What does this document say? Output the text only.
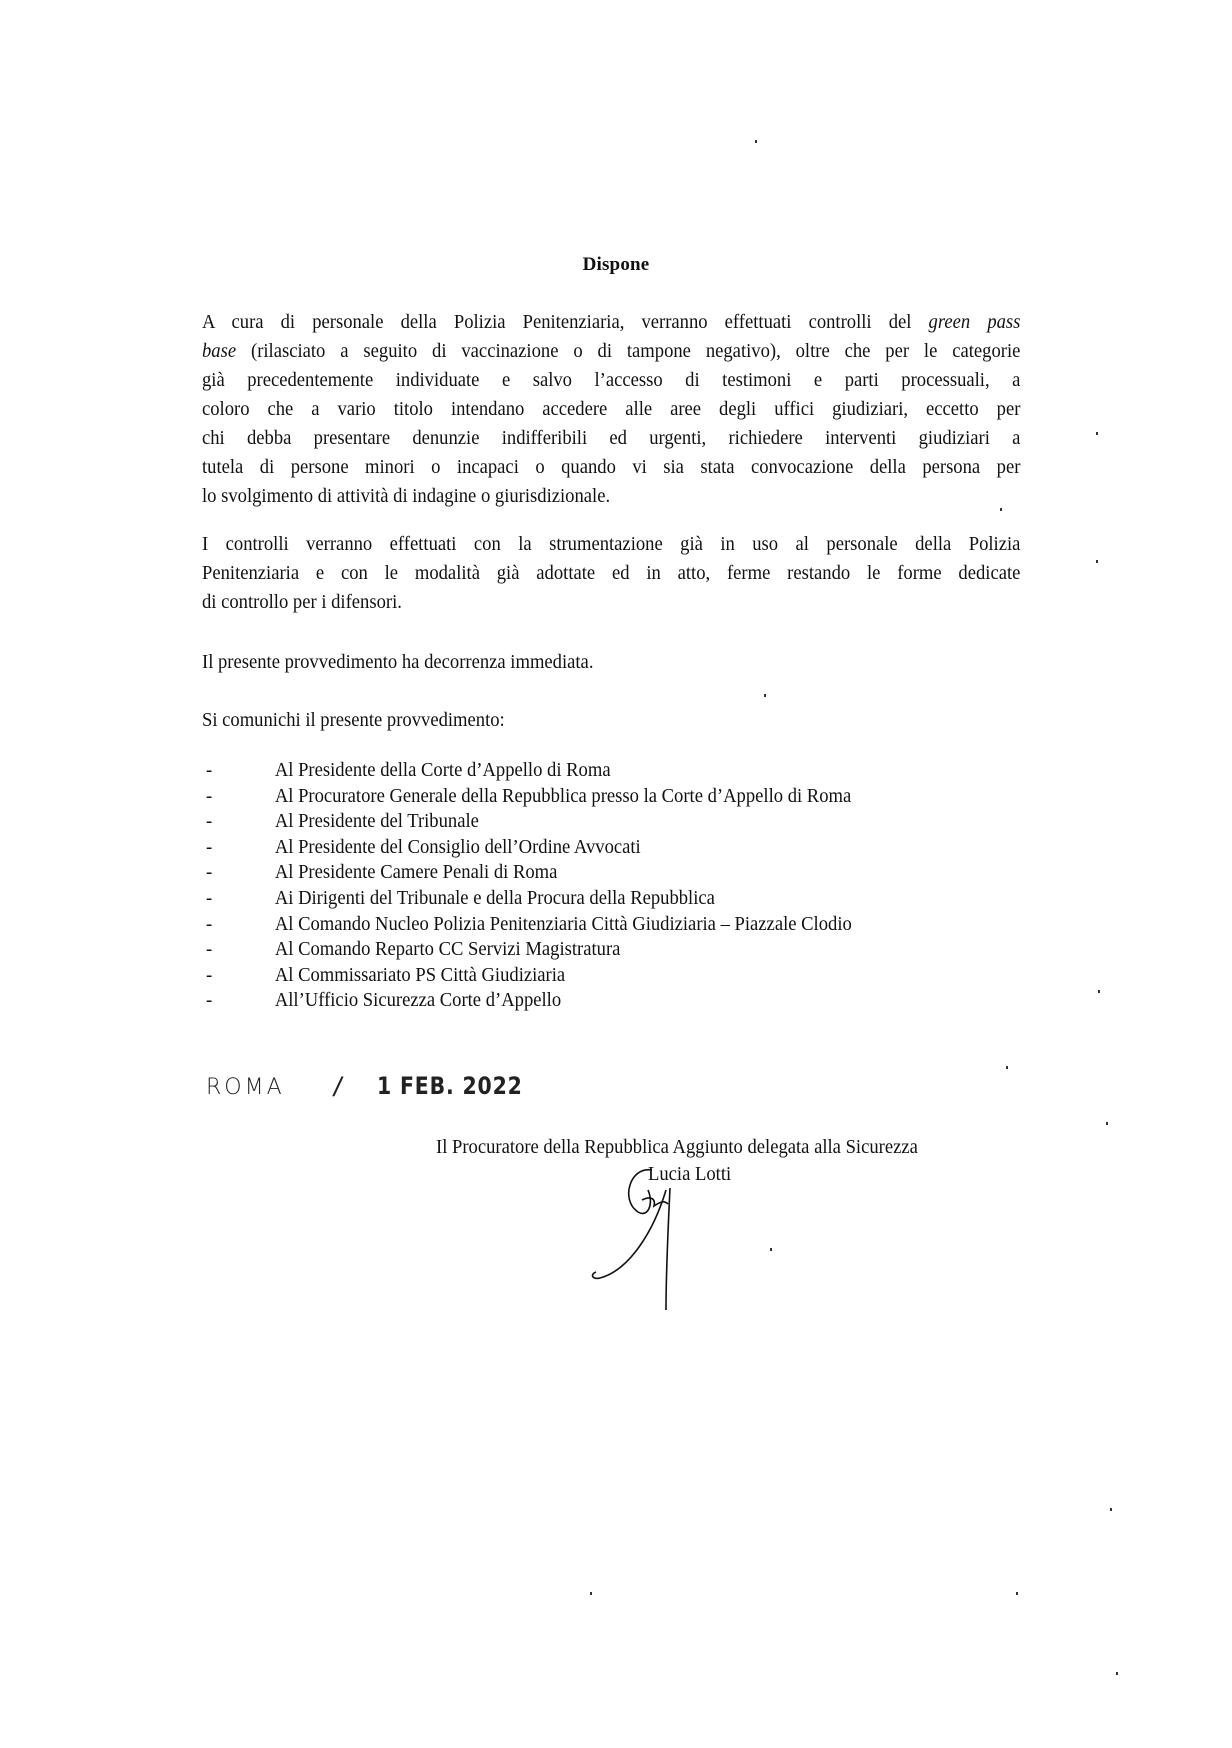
Dispone
A cura di personale della Polizia Penitenziaria, verranno effettuati controlli del green pass
base (rilasciato a seguito di vaccinazione o di tampone negativo), oltre che per le categorie
già precedentemente individuate e salvo l’accesso di testimoni e parti processuali, a
coloro che a vario titolo intendano accedere alle aree degli uffici giudiziari, eccetto per
chi debba presentare denunzie indifferibili ed urgenti, richiedere interventi giudiziari a
tutela di persone minori o incapaci o quando vi sia stata convocazione della persona per
lo svolgimento di attività di indagine o giurisdizionale.
I controlli verranno effettuati con la strumentazione già in uso al personale della Polizia
Penitenziaria e con le modalità già adottate ed in atto, ferme restando le forme dedicate
di controllo per i difensori.
Il presente provvedimento ha decorrenza immediata.
Si comunichi il presente provvedimento:
-	Al Presidente della Corte d’Appello di Roma
-	Al Procuratore Generale della Repubblica presso la Corte d’Appello di Roma
-	Al Presidente del Tribunale
-	Al Presidente del Consiglio dell’Ordine Avvocati
-	Al Presidente Camere Penali di Roma
-	Ai Dirigenti del Tribunale e della Procura della Repubblica
-	Al Comando Nucleo Polizia Penitenziaria Città Giudiziaria – Piazzale Clodio
-	Al Comando Reparto CC Servizi Magistratura
-	Al Commissariato PS Città Giudiziaria
-	All’Ufficio Sicurezza Corte d’Appello
ROMA / 1 FEB. 2022
Il Procuratore della Repubblica Aggiunto delegata alla Sicurezza
Lucia Lotti
